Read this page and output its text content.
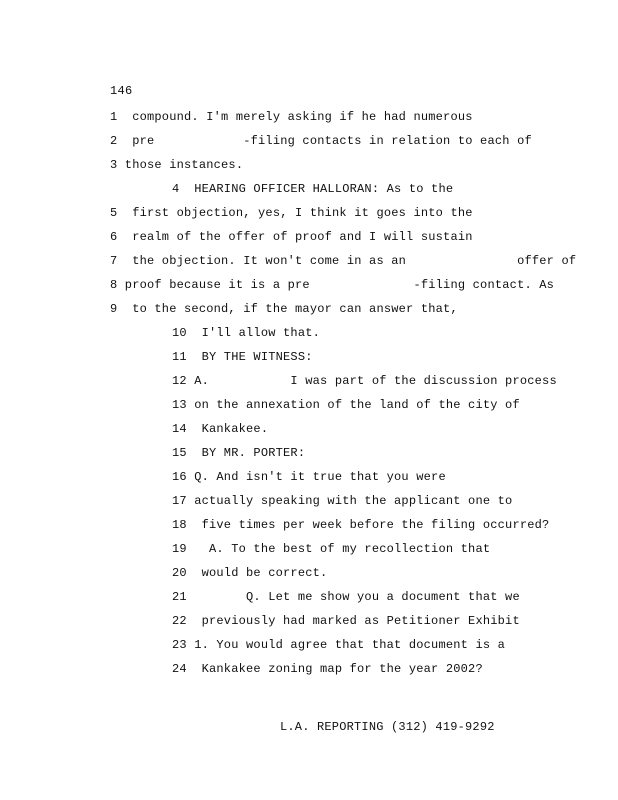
146
1  compound. I'm merely asking if he had numerous
2  pre            -filing contacts in relation to each of
3 those instances.
4  HEARING OFFICER HALLORAN: As to the
5  first objection, yes, I think it goes into the
6  realm of the offer of proof and I will sustain
7  the objection. It won't come in as an               offer of
8 proof because it is a pre              -filing contact. As
9  to the second, if the mayor can answer that,
10  I'll allow that.
11  BY THE WITNESS:
12 A.           I was part of the discussion process
13 on the annexation of the land of the city of
14  Kankakee.
15  BY MR. PORTER:
16 Q. And isn't it true that you were
17 actually speaking with the applicant one to
18  five times per week before the filing occurred?
19   A. To the best of my recollection that
20  would be correct.
21        Q. Let me show you a document that we
22  previously had marked as Petitioner Exhibit
23 1. You would agree that that document is a
24  Kankakee zoning map for the year 2002?
L.A. REPORTING (312) 419-9292
